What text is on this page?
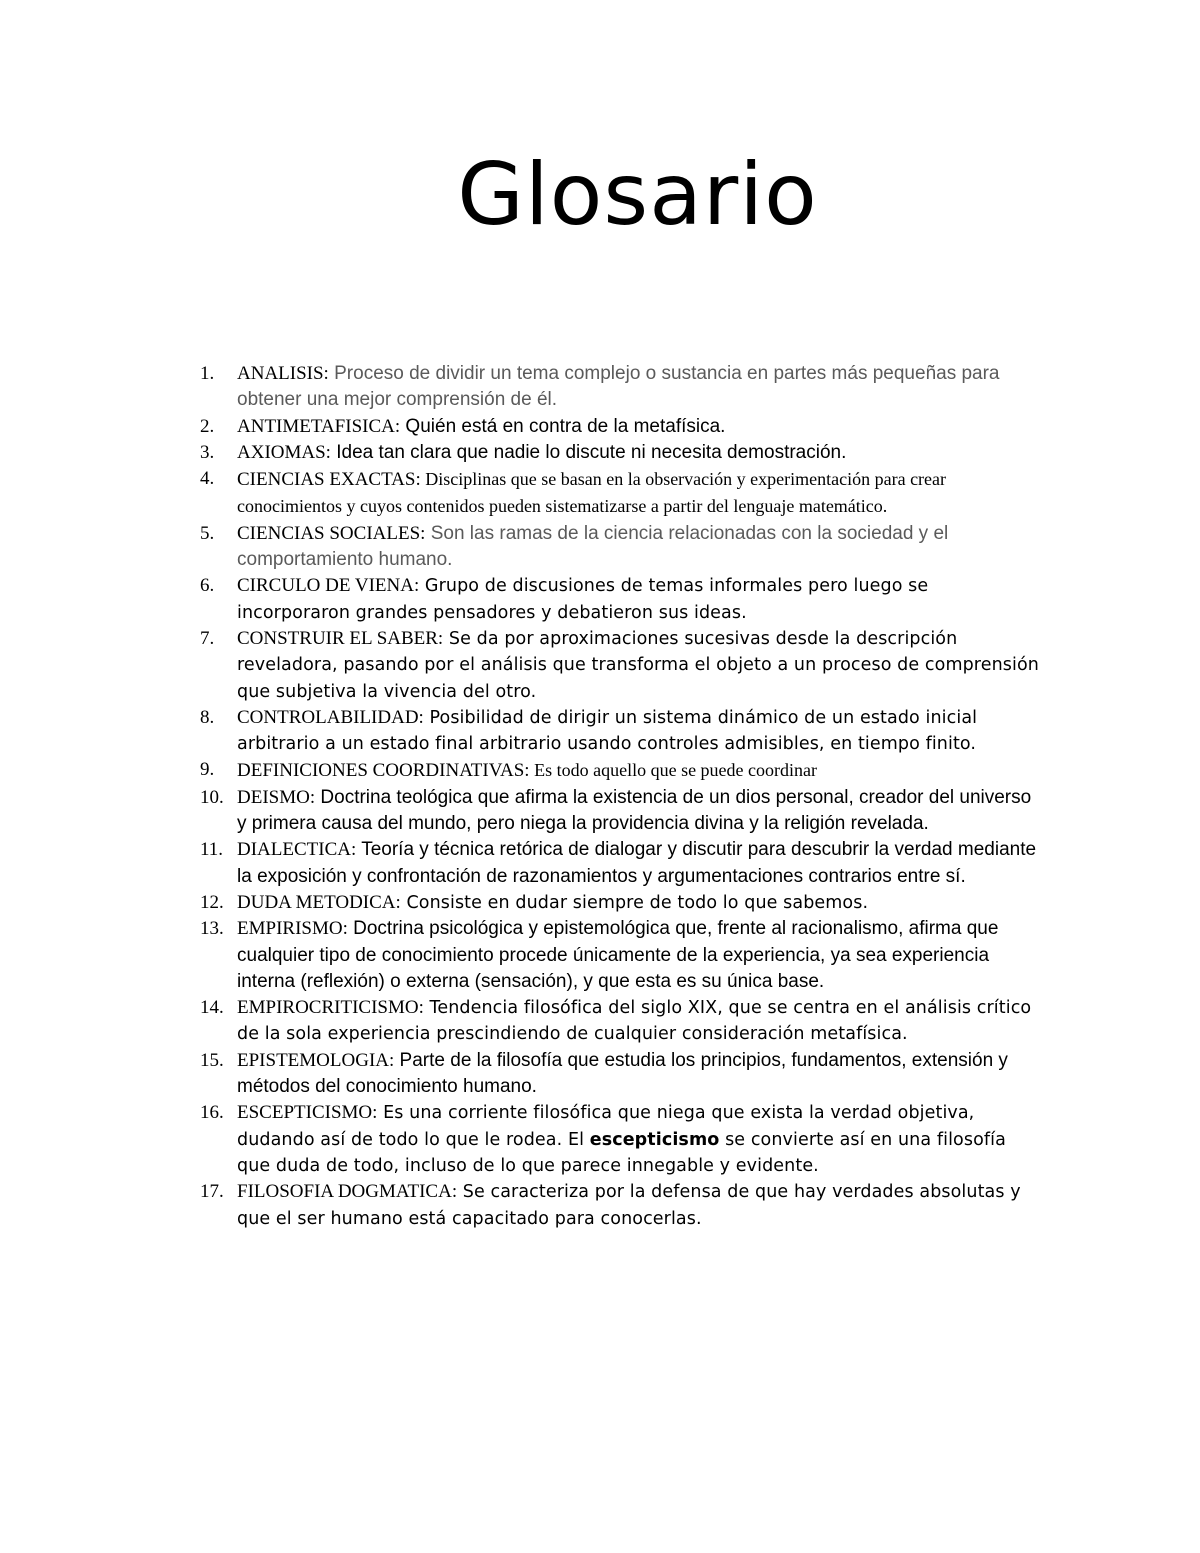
Glosario
1. ANALISIS: Proceso de dividir un tema complejo o sustancia en partes más pequeñas para obtener una mejor comprensión de él.
2. ANTIMETAFISICA: Quién está en contra de la metafísica.
3. AXIOMAS: Idea tan clara que nadie lo discute ni necesita demostración.
4. CIENCIAS EXACTAS: Disciplinas que se basan en la observación y experimentación para crear conocimientos y cuyos contenidos pueden sistematizarse a partir del lenguaje matemático.
5. CIENCIAS SOCIALES: Son las ramas de la ciencia relacionadas con la sociedad y el comportamiento humano.
6. CIRCULO DE VIENA: Grupo de discusiones de temas informales pero luego se incorporaron grandes pensadores y debatieron sus ideas.
7. CONSTRUIR EL SABER: Se da por aproximaciones sucesivas desde la descripción reveladora, pasando por el análisis que transforma el objeto a un proceso de comprensión que subjetiva la vivencia del otro.
8. CONTROLABILIDAD: Posibilidad de dirigir un sistema dinámico de un estado inicial arbitrario a un estado final arbitrario usando controles admisibles, en tiempo finito.
9. DEFINICIONES COORDINATIVAS: Es todo aquello que se puede coordinar
10. DEISMO: Doctrina teológica que afirma la existencia de un dios personal, creador del universo y primera causa del mundo, pero niega la providencia divina y la religión revelada.
11. DIALECTICA: Teoría y técnica retórica de dialogar y discutir para descubrir la verdad mediante la exposición y confrontación de razonamientos y argumentaciones contrarios entre sí.
12. DUDA METODICA: Consiste en dudar siempre de todo lo que sabemos.
13. EMPIRISMO: Doctrina psicológica y epistemológica que, frente al racionalismo, afirma que cualquier tipo de conocimiento procede únicamente de la experiencia, ya sea experiencia interna (reflexión) o externa (sensación), y que esta es su única base.
14. EMPIROCRITICISMO: Tendencia filosófica del siglo XIX, que se centra en el análisis crítico de la sola experiencia prescindiendo de cualquier consideración metafísica.
15. EPISTEMOLOGIA: Parte de la filosofía que estudia los principios, fundamentos, extensión y métodos del conocimiento humano.
16. ESCEPTICISMO: Es una corriente filosófica que niega que exista la verdad objetiva, dudando así de todo lo que le rodea. El escepticismo se convierte así en una filosofía que duda de todo, incluso de lo que parece innegable y evidente.
17. FILOSOFIA DOGMATICA: Se caracteriza por la defensa de que hay verdades absolutas y que el ser humano está capacitado para conocerlas.
